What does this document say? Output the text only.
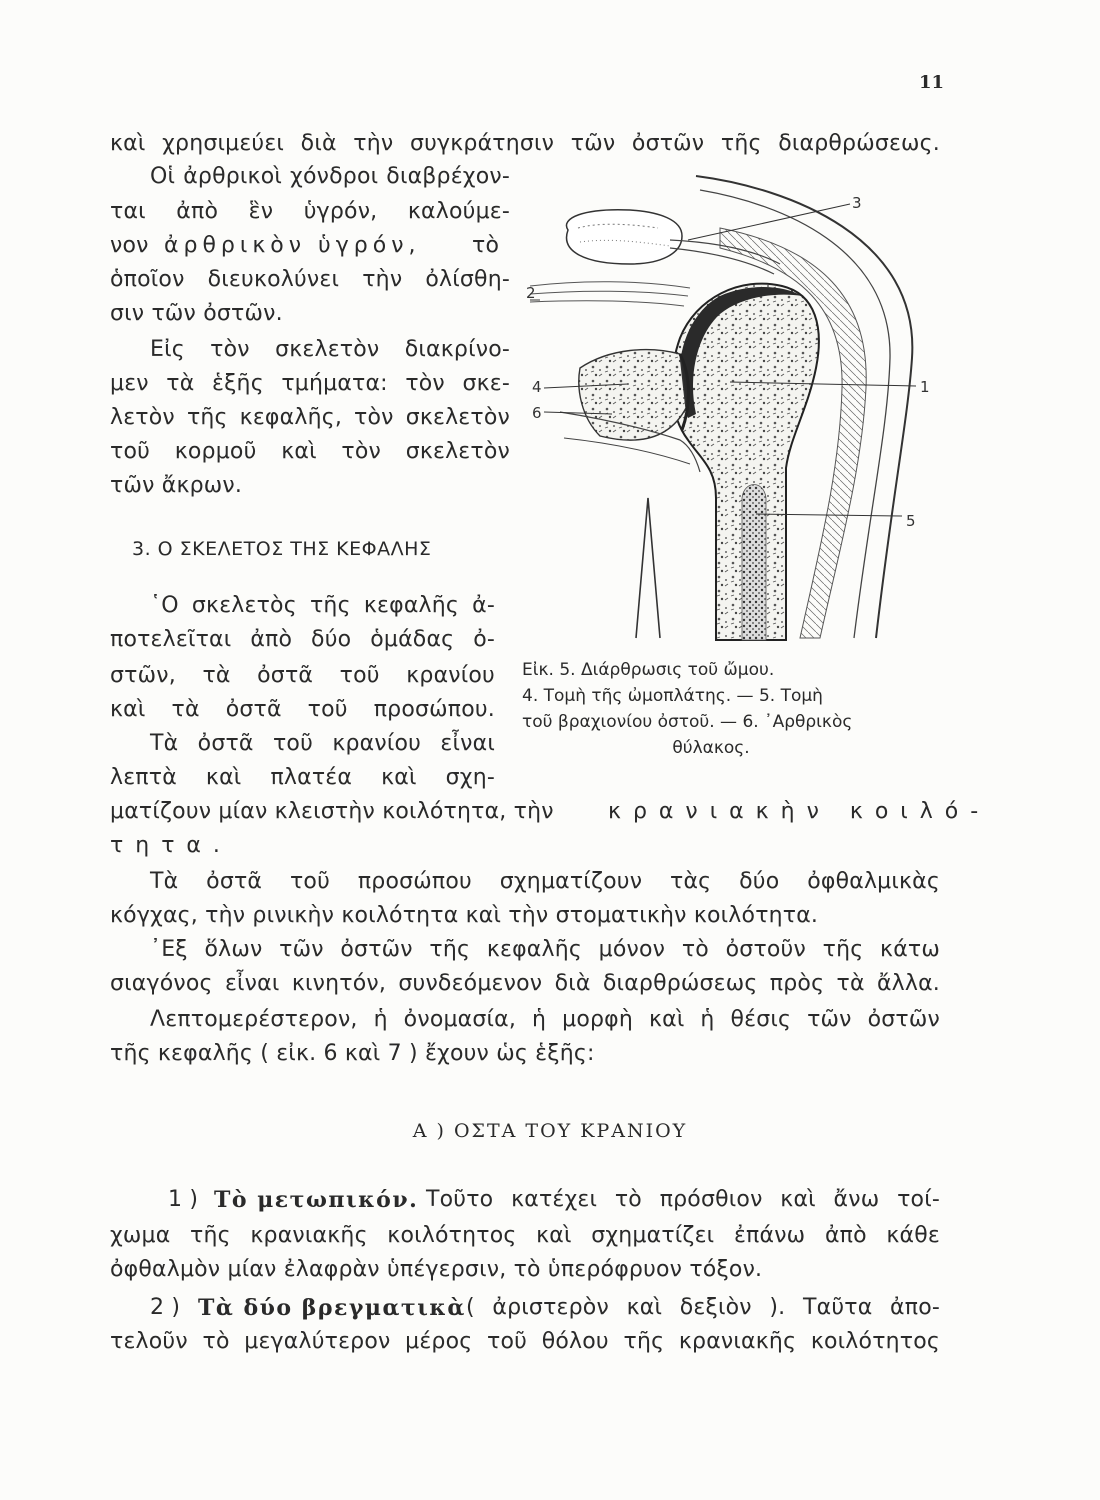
11
καὶ χρησιμεύει διὰ τὴν συγκράτησιν τῶν ὀστῶν τῆς διαρθρώσεως.
Οἱ ἀρθρικοὶ χόνδροι διαβρέχον-
ται ἀπὸ ἓν ὑγρόν, καλούμε-
νον ἀρθρικὸν ὑγρόν, τὸ
ὁποῖον διευκολύνει τὴν ὀλίσθη-
σιν τῶν ὀστῶν.
Εἰς τὸν σκελετὸν διακρίνο-
μεν τὰ ἑξῆς τμήματα: τὸν σκε-
λετὸν τῆς κεφαλῆς, τὸν σκελετὸν
τοῦ κορμοῦ καὶ τὸν σκελετὸν
τῶν ἄκρων.
3. Ο ΣΚΕΛΕΤΟΣ ΤΗΣ ΚΕΦΑΛΗΣ
῾Ο σκελετὸς τῆς κεφαλῆς ἀ-
ποτελεῖται ἀπὸ δύο ὁμάδας ὀ-
στῶν, τὰ ὀστᾶ τοῦ κρανίου
καὶ τὰ ὀστᾶ τοῦ προσώπου.
Τὰ ὀστᾶ τοῦ κρανίου εἶναι
λεπτὰ καὶ πλατέα καὶ σχη-
ματίζουν μίαν κλειστὴν κοιλότητα, τὴν κρανιακὴν κοιλό-
τητα.
Τὰ ὀστᾶ τοῦ προσώπου σχηματίζουν τὰς δύο ὀφθαλμικὰς
κόγχας, τὴν ρινικὴν κοιλότητα καὶ τὴν στοματικὴν κοιλότητα.
᾿Εξ ὅλων τῶν ὀστῶν τῆς κεφαλῆς μόνον τὸ ὀστοῦν τῆς κάτω
σιαγόνος εἶναι κινητόν, συνδεόμενον διὰ διαρθρώσεως πρὸς τὰ ἄλλα.
Λεπτομερέστερον, ἡ ὀνομασία, ἡ μορφὴ καὶ ἡ θέσις τῶν ὀστῶν
τῆς κεφαλῆς ( εἰκ. 6 καὶ 7 ) ἔχουν ὡς ἑξῆς:
Α ) ΟΣΤΑ ΤΟΥ ΚΡΑΝΙΟΥ
1 ) Τὸ μετωπικόν. Τοῦτο κατέχει τὸ πρόσθιον καὶ ἄνω τοί-
χωμα τῆς κρανιακῆς κοιλότητος καὶ σχηματίζει ἐπάνω ἀπὸ κάθε
ὀφθαλμὸν μίαν ἐλαφρὰν ὑπέγερσιν, τὸ ὑπερόφρυον τόξον.
2 ) Τὰ δύο βρεγματικὰ ( ἀριστερὸν καὶ δεξιὸν ). Ταῦτα ἀπο-
τελοῦν τὸ μεγαλύτερον μέρος τοῦ θόλου τῆς κρανιακῆς κοιλότητος
3
2
4
6
1
5
Εἰκ. 5. Διάρθρωσις τοῦ ὤμου.
4. Τομὴ τῆς ὠμοπλάτης. — 5. Τομὴ
τοῦ βραχιονίου ὀστοῦ. — 6. ᾿Αρθρικὸς
θύλακος.
